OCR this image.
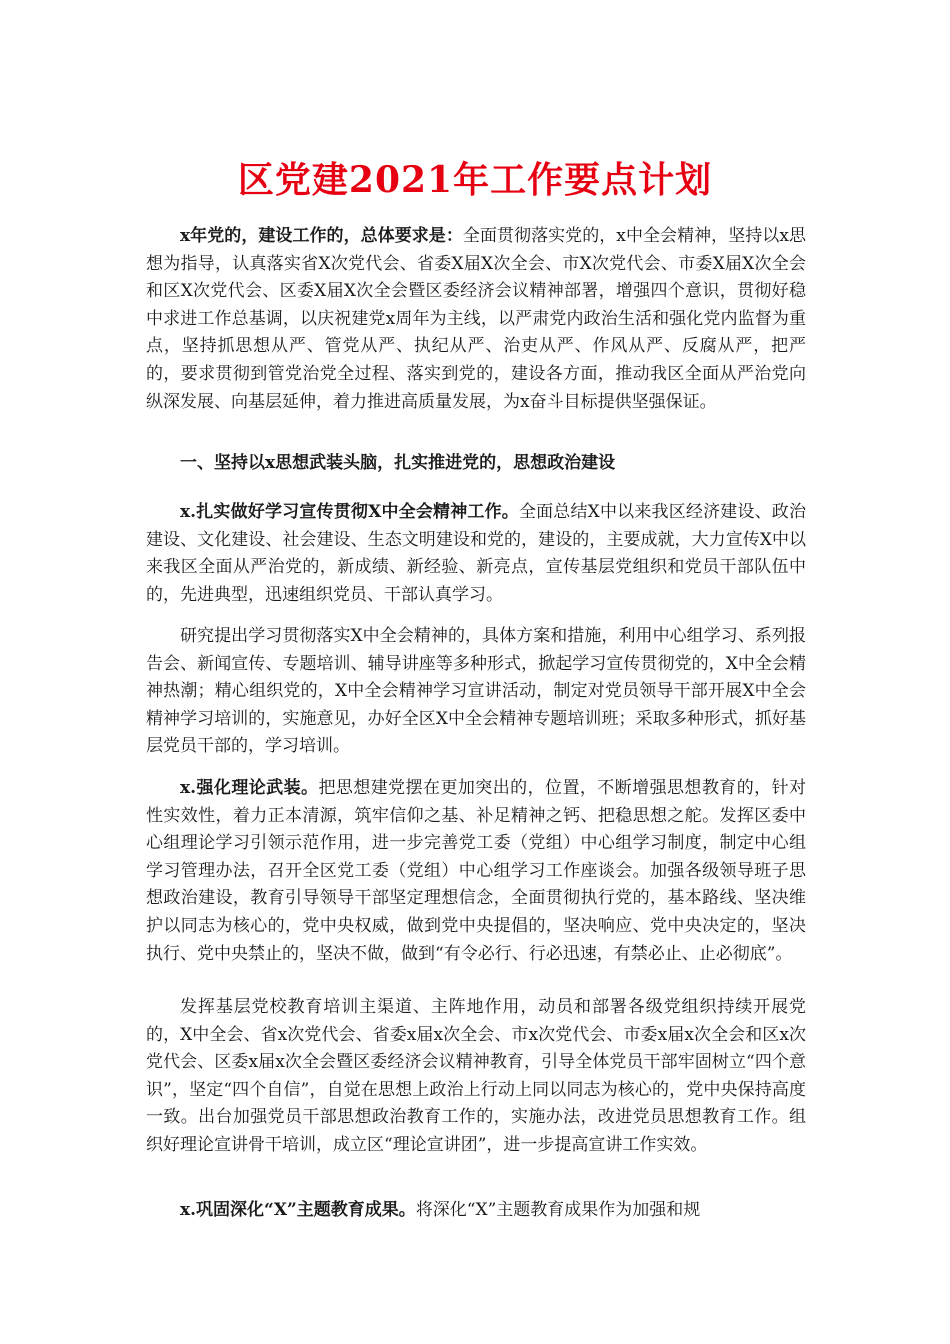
区党建2021年工作要点计划

x年党的，建设工作的，总体要求是：全面贯彻落实党的，x中全会精神，坚持以x思想为指导，认真落实省X次党代会、省委X届X次全会、市X次党代会、市委X届X次全会和区X次党代会、区委X届X次全会暨区委经济会议精神部署，增强四个意识，贯彻好稳中求进工作总基调，以庆祝建党x周年为主线，以严肃党内政治生活和强化党内监督为重点，坚持抓思想从严、管党从严、执纪从严、治吏从严、作风从严、反腐从严，把严的，要求贯彻到管党治党全过程、落实到党的，建设各方面，推动我区全面从严治党向纵深发展、向基层延伸，着力推进高质量发展，为x奋斗目标提供坚强保证。

一、坚持以x思想武装头脑，扎实推进党的，思想政治建设

x.扎实做好学习宣传贯彻X中全会精神工作。全面总结X中以来我区经济建设、政治建设、文化建设、社会建设、生态文明建设和党的，建设的，主要成就，大力宣传X中以来我区全面从严治党的，新成绩、新经验、新亮点，宣传基层党组织和党员干部队伍中的，先进典型，迅速组织党员、干部认真学习。

研究提出学习贯彻落实X中全会精神的，具体方案和措施，利用中心组学习、系列报告会、新闻宣传、专题培训、辅导讲座等多种形式，掀起学习宣传贯彻党的，X中全会精神热潮；精心组织党的，X中全会精神学习宣讲活动，制定对党员领导干部开展X中全会精神学习培训的，实施意见，办好全区X中全会精神专题培训班；采取多种形式，抓好基层党员干部的，学习培训。

x.强化理论武装。把思想建党摆在更加突出的，位置，不断增强思想教育的，针对性实效性，着力正本清源，筑牢信仰之基、补足精神之钙、把稳思想之舵。发挥区委中心组理论学习引领示范作用，进一步完善党工委（党组）中心组学习制度，制定中心组学习管理办法，召开全区党工委（党组）中心组学习工作座谈会。加强各级领导班子思想政治建设，教育引导领导干部坚定理想信念，全面贯彻执行党的，基本路线、坚决维护以同志为核心的，党中央权威，做到党中央提倡的，坚决响应、党中央决定的，坚决执行、党中央禁止的，坚决不做，做到“有令必行、行必迅速，有禁必止、止必彻底”。

发挥基层党校教育培训主渠道、主阵地作用，动员和部署各级党组织持续开展党的，X中全会、省x次党代会、省委x届x次全会、市x次党代会、市委x届x次全会和区x次党代会、区委x届x次全会暨区委经济会议精神教育，引导全体党员干部牢固树立“四个意识”，坚定“四个自信”，自觉在思想上政治上行动上同以同志为核心的，党中央保持高度一致。出台加强党员干部思想政治教育工作的，实施办法，改进党员思想教育工作。组织好理论宣讲骨干培训，成立区“理论宣讲团”，进一步提高宣讲工作实效。

x.巩固深化“X”主题教育成果。将深化“X”主题教育成果作为加强和规
